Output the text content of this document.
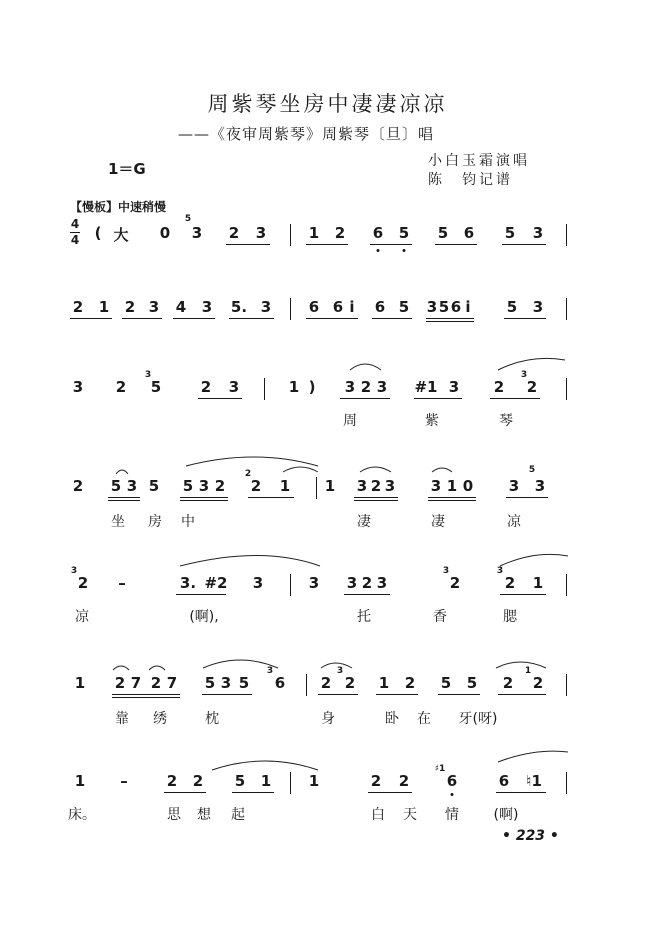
周紫琴坐房中凄凄凉凉
——《夜审周紫琴》周紫琴〔旦〕唱
1＝G	小白玉霜演唱
陈　钧记谱
【慢板】中速稍慢
4
4 ( 大 0
5
3 2 3	1 2 6 5 5 6 5 3
2 1 2 3 4 3 5. 3	6 6 i 6 5 3 5 6 i 5 3
3 2
3
5	2 3	1 ) 3 2 3 #1 3 2
3
2
周	紫	琴
2 5 3 5 5 3 2
2
2 1 1 3 2 3 3 1 0 3
5
3
坐 房 中	凄	凄	凉
3
2 –	3. #2 3	3 3 2 3
3
2
3
2 1
凉	(啊),	托	香	腮
1 2 7 2 7 5 3 5
3
6 2
3
2 1 2 5 5 2
1
2
靠 绣	枕	身	卧 在 牙(呀)
1 –	2 2 5 1	1	2 2
♯1
6	6 ♮1
床。	思 想 起	白 天 情 (啊)
• 223 •
